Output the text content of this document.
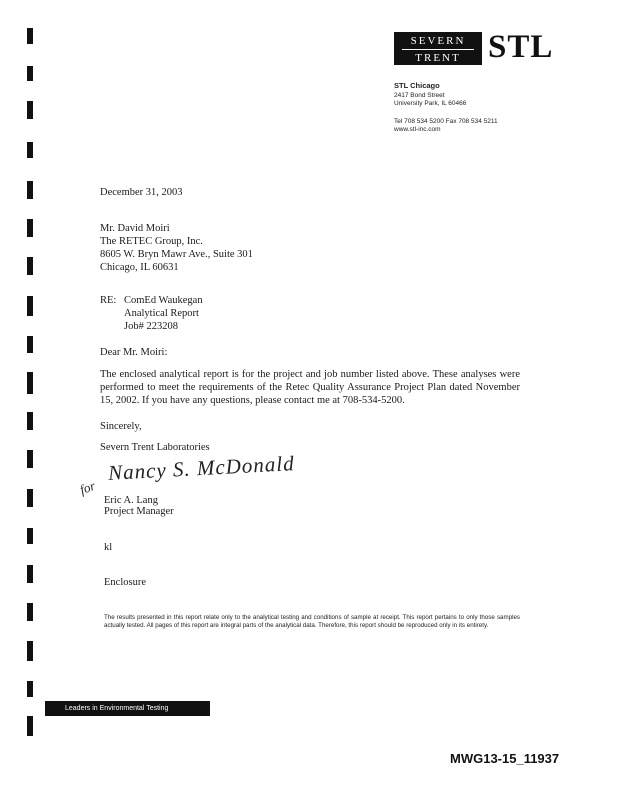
SEVERN
TRENT STL
STL Chicago
2417 Bond Street
University Park, IL 60466
Tel 708 534 5200 Fax 708 534 5211
www.stl-inc.com
December 31, 2003
Mr. David Moiri
The RETEC Group, Inc.
8605 W. Bryn Mawr Ave., Suite 301
Chicago, IL 60631
RE: ComEd Waukegan
Analytical Report
Job# 223208
Dear Mr. Moiri:
The enclosed analytical report is for the project and job number listed above. These analyses were performed to meet the requirements of the Retec Quality Assurance Project Plan dated November 15, 2002. If you have any questions, please contact me at 708-534-5200.
Sincerely,
Severn Trent Laboratories
Nancy S. McDonald
for
Eric A. Lang
Project Manager
kl
Enclosure
The results presented in this report relate only to the analytical testing and conditions of sample at receipt. This report pertains to only those samples actually tested. All pages of this report are integral parts of the analytical data. Therefore, this report should be reproduced only in its entirety.
Leaders in Environmental Testing
MWG13-15_11937
